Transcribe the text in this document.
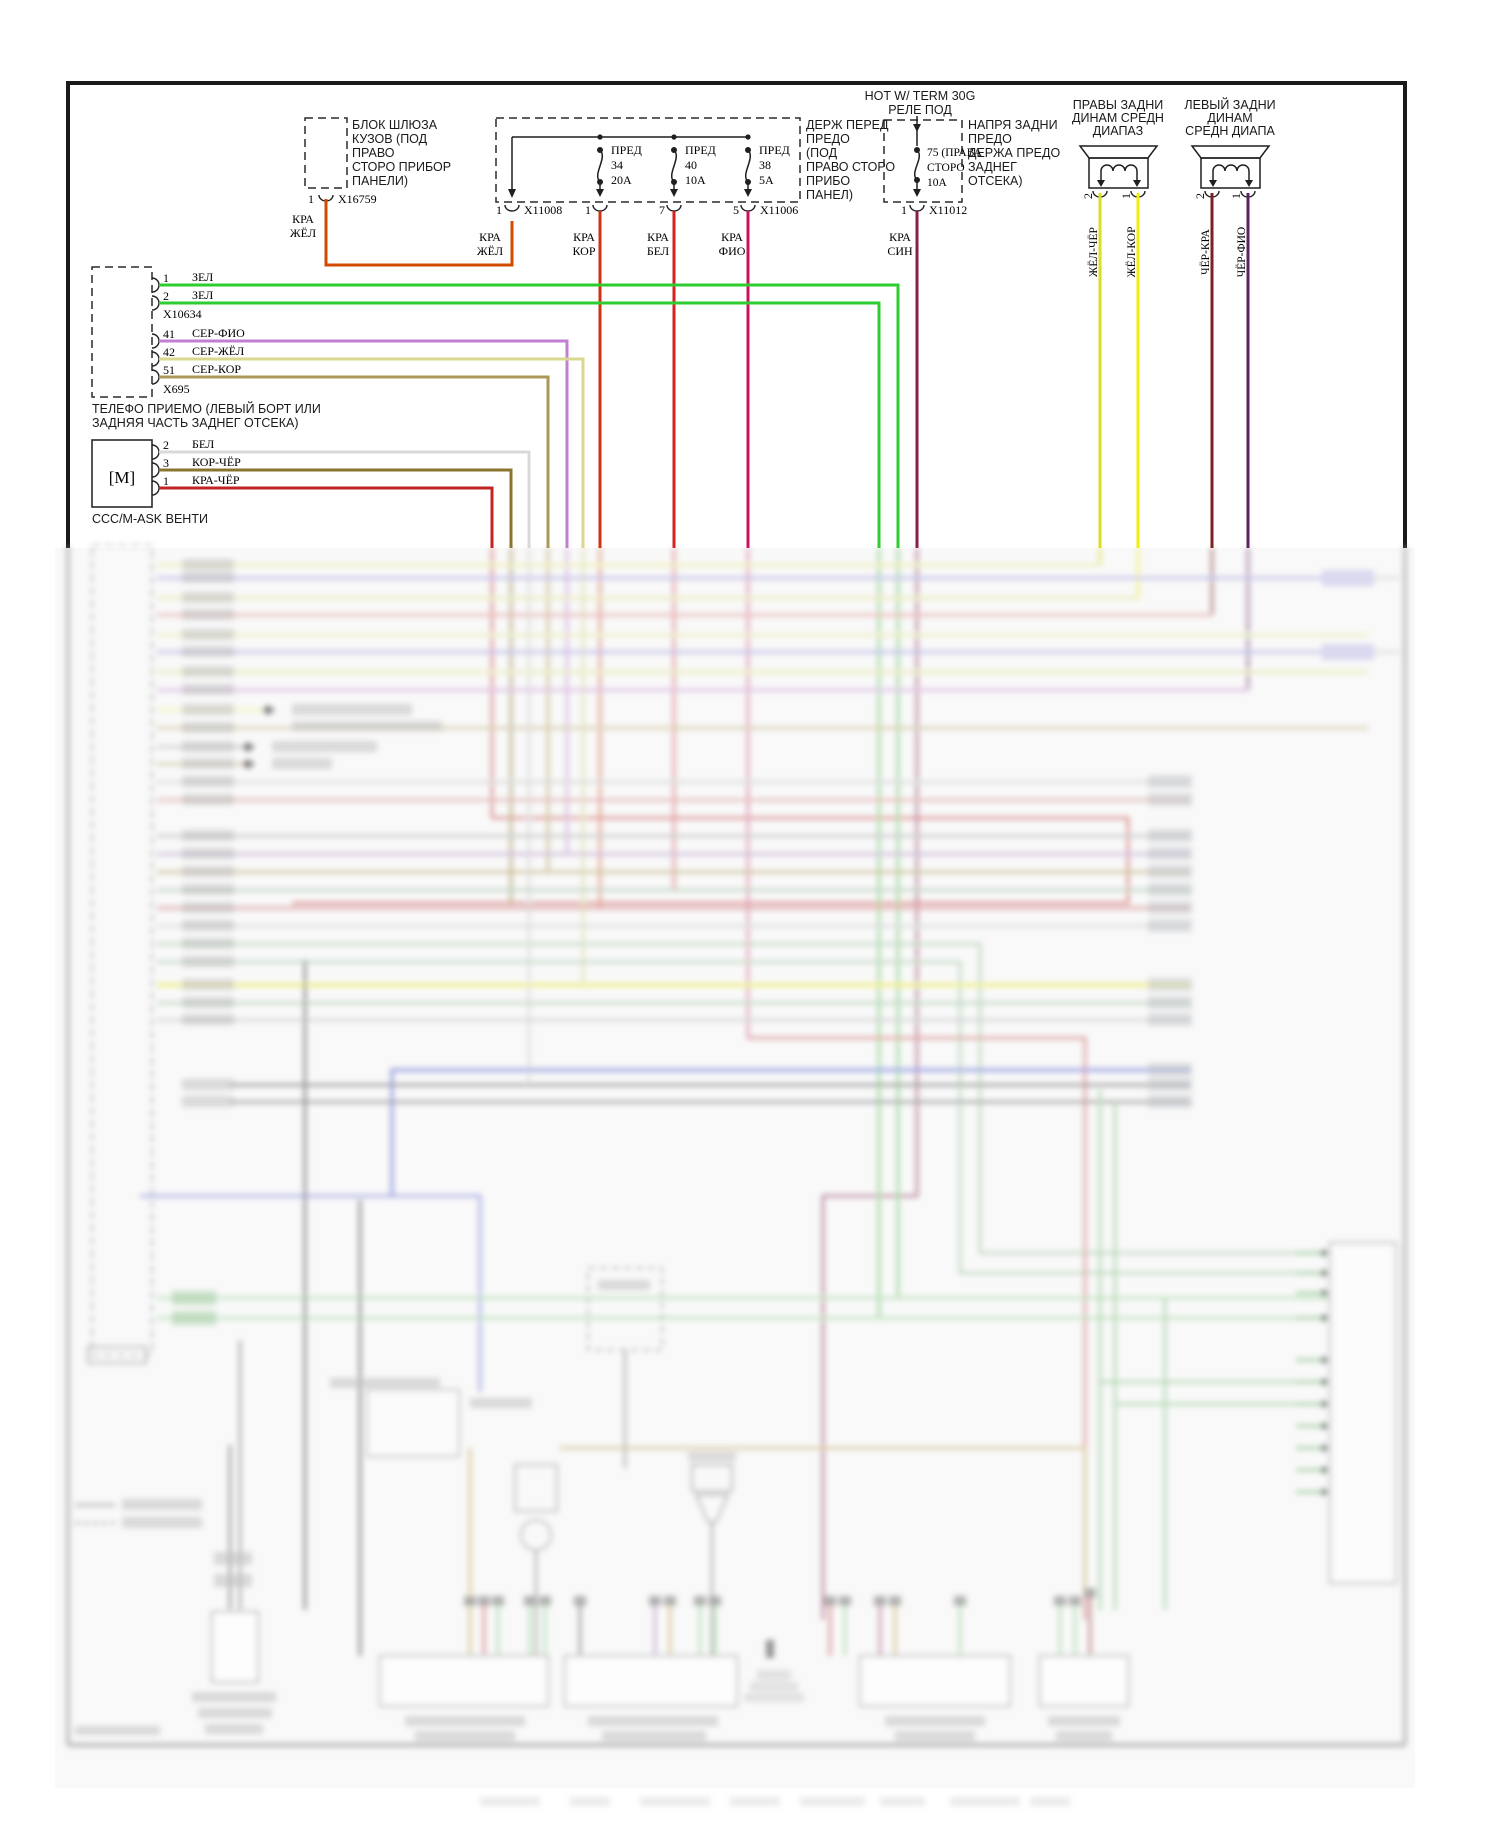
БЛОК ШЛЮЗА
КУЗОВ (ПОД
ПРАВО
СТОРО ПРИБОР
ПАНЕЛИ)
1 X16759
КРА
ЖЁЛ
ПРЕД
34
20A
ПРЕД
40
10A
ПРЕД
38
5A
ДЕРЖ ПЕРЕД
ПРЕДО
(ПОД
ПРАВО СТОРО
ПРИБО
ПАНЕЛ)
1 X11008 1	7	5 X11006
КРА
ЖЁЛ
КРА
КОР
КРА
БЕЛ
КРА
ФИО
HOT W/ TERM 30G
РЕЛЕ ПОД
75 (ПРАВА
СТОРО
10A
НАПРЯ ЗАДНИ
ПРЕДО
ДЕРЖА ПРЕДО
ЗАДНЕГ
ОТСЕКА)
1 X11012
КРА
СИН
ПРАВЫ ЗАДНИ
ДИНАМ СРЕДН
ДИАПАЗ
2 1
ЖЁЛ-ЧЁР ЖЁЛ-КОР
ЛЕВЫЙ ЗАДНИ
ДИНАМ
СРЕДН ДИАПА
2 1
ЧЁР-КРА ЧЁР-ФИО
1
2
X10634
41
42
51
X695
ЗЕЛ
ЗЕЛ
СЕР-ФИО
СЕР-ЖЁЛ
СЕР-КОР
ТЕЛЕФО ПРИЕМО (ЛЕВЫЙ БОРТ ИЛИ
ЗАДНЯЯ ЧАСТЬ ЗАДНЕГ ОТСЕКА)
[M]
2
3
1
БЕЛ
КОР-ЧЁР
КРА-ЧЁР
CCC/M-ASK ВЕНТИ
